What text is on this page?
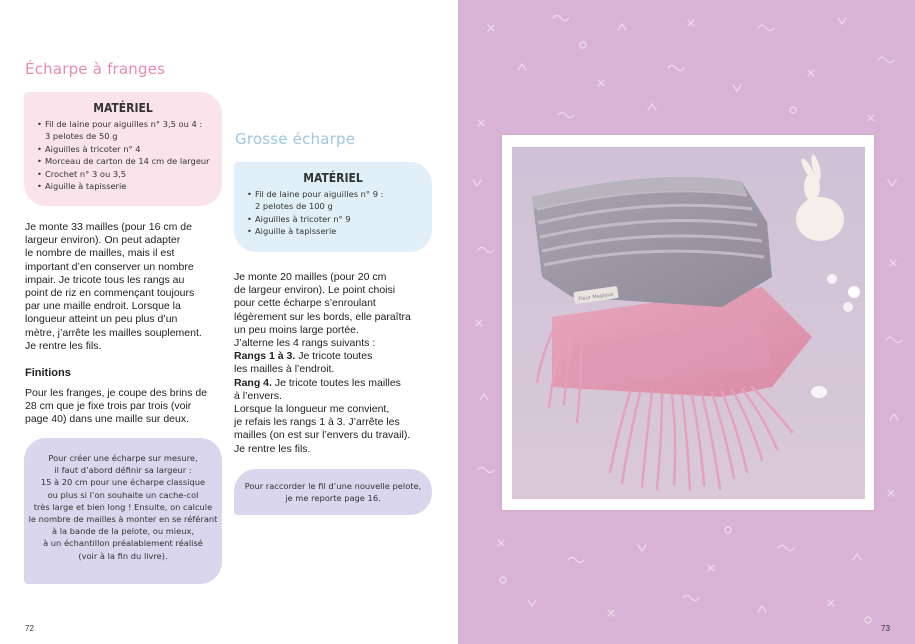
Écharpe à franges
MATÉRIEL
• Fil de laine pour aiguilles n° 3,5 ou 4 :
3 pelotes de 50 g
• Aiguilles à tricoter n° 4
• Morceau de carton de 14 cm de largeur
• Crochet n° 3 ou 3,5
• Aiguille à tapisserie
Je monte 33 mailles (pour 16 cm de
largeur environ). On peut adapter
le nombre de mailles, mais il est
important d’en conserver un nombre
impair. Je tricote tous les rangs au
point de riz en commençant toujours
par une maille endroit. Lorsque la
longueur atteint un peu plus d’un
mètre, j’arrête les mailles souplement.
Je rentre les fils.
Finitions
Pour les franges, je coupe des brins de
28 cm que je fixe trois par trois (voir
page 40) dans une maille sur deux.
Pour créer une écharpe sur mesure,
il faut d’abord définir sa largeur :
15 à 20 cm pour une écharpe classique
ou plus si l’on souhaite un cache-col
très large et bien long ! Ensuite, on calcule
le nombre de mailles à monter en se référant
à la bande de la pelote, ou mieux,
à un échantillon préalablement réalisé
(voir à la fin du livre).
Grosse écharpe
MATÉRIEL
• Fil de laine pour aiguilles n° 9 :
2 pelotes de 100 g
• Aiguilles à tricoter n° 9
• Aiguille à tapisserie
Je monte 20 mailles (pour 20 cm
de largeur environ). Le point choisi
pour cette écharpe s’enroulant
légèrement sur les bords, elle paraîtra
un peu moins large portée.
J’alterne les 4 rangs suivants :
Rangs 1 à 3. Je tricote toutes
les mailles à l’endroit.
Rang 4. Je tricote toutes les mailles
à l’envers.
Lorsque la longueur me convient,
je refais les rangs 1 à 3. J’arrête les
mailles (on est sur l’envers du travail).
Je rentre les fils.
Pour raccorder le fil d’une nouvelle pelote,
je me reporte page 16.
72
Fleur Magique
73
